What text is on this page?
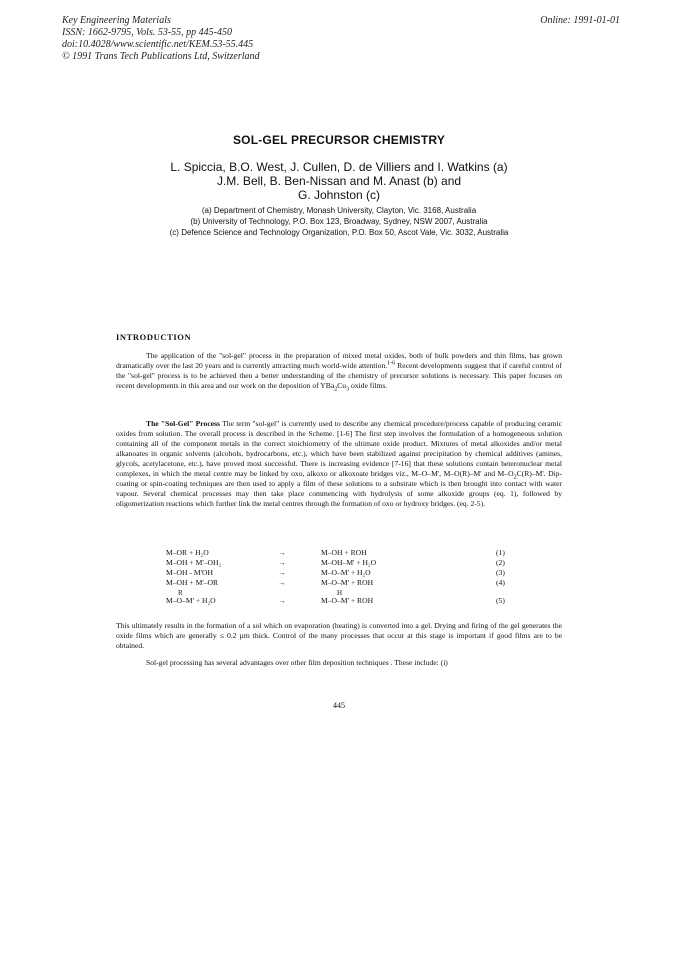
Key Engineering Materials
ISSN: 1662-9795, Vols. 53-55, pp 445-450
doi:10.4028/www.scientific.net/KEM.53-55.445
© 1991 Trans Tech Publications Ltd, Switzerland
Online: 1991-01-01
SOL-GEL PRECURSOR CHEMISTRY
L. Spiccia, B.O. West, J. Cullen, D. de Villiers and I. Watkins (a)
J.M. Bell, B. Ben-Nissan and M. Anast (b) and
G. Johnston (c)
(a) Department of Chemistry, Monash University, Clayton, Vic. 3168, Australia
(b) University of Technology, P.O. Box 123, Broadway, Sydney, NSW 2007, Australia
(c) Defence Science and Technology Organization, P.O. Box 50, Ascot Vale, Vic. 3032, Australia
INTRODUCTION

The application of the "sol-gel" process in the preparation of mixed metal oxides, both of bulk powders and thin films, has grown dramatically over the last 20 years and is currently attracting much world-wide attention.$^{1-6}$ Recent developments suggest that if careful control of the "sol-gel" process is to be achieved then a better understanding of the chemistry of precursor solutions is necessary. This paper focuses on recent developments in this area and our work on the deposition of $YBa_2Cu_3$ oxide films.

The "Sol-Gel" Process The term "sol-gel" is currently used to describe any chemical procedure/process capable of producing ceramic oxides from solution. The overall process is described in the Scheme. [1-6] The first step involves the formulation of a homogeneous solution containing all of the component metals in the correct stoichiometry of the ultimate oxide product. Mixtures of metal alkoxides and/or metal alkanoates in organic solvents (alcohols, hydrocarbons, etc.), which have been stabilized against precipitation by chemical additives (amines, glycols, acetylacetone, etc.), have proved most successful. There is increasing evidence [7-16] that these solutions contain heteronuclear metal complexes, in which the metal centre may be linked by oxo, alkoxo or alkoxoate bridges viz., M–O–M', M–O(R)–M' and $M-O_2C(R)-M'$. Dip-coating or spin-coating techniques are then used to apply a film of these solutions to a substrate which is then brought into contact with water vapour. Several chemical processes may then take place commencing with hydrolysis of some alkoxide groups (eq. 1), followed by oligomerization reactions which further link the metal centres through the formation of oxo or hydroxy bridges. (eq. 2-5).

M–OR + H₂O	→	M–OH + ROH	(1)
M–OH + M'–OH₂	→	M–OH–M' + H₂O	(2)
M–OH - M'OH	→	M–O–M' + H₂O	(3)
M–OH + M'–OR	→	M–O–M' + ROH	(4)
R	H
M–O–M' + H₂O	→	M–O–M' + ROH	(5)

This ultimately results in the formation of a sol which on evaporation (heating) is converted into a gel. Drying and firing of the gel generates the oxide films which are generally ≤ 0.2 µm thick. Control of the many processes that occur at this stage is important if good films are to be obtained.

Sol-gel processing has several advantages over other film deposition techniques . These include: (i)

445
